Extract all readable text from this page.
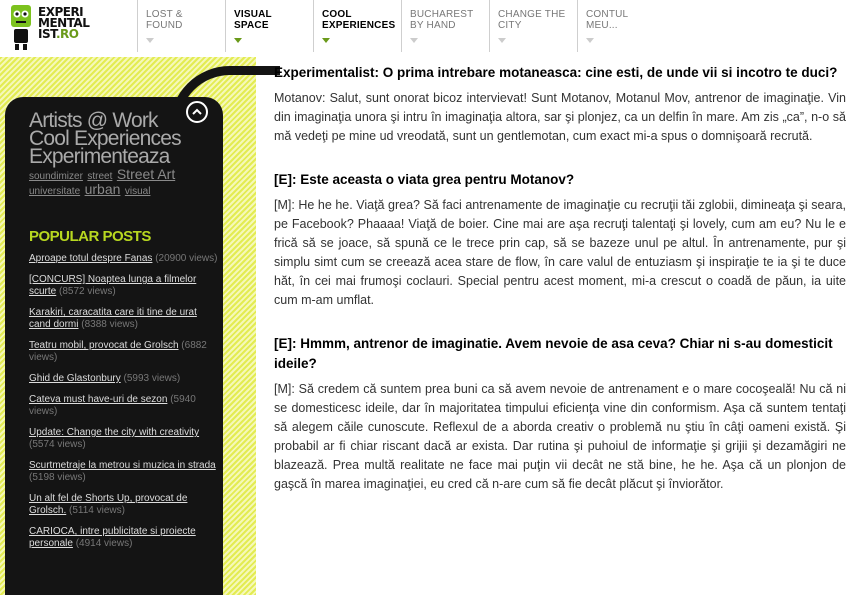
EXPERI
MENTAL
IST.RO
LOST &
FOUND
VISUAL
SPACE
COOL
EXPERIENCES
BUCHAREST
BY HAND
CHANGE THE
CITY
CONTUL
MEU...
Artists @ Work
Cool Experiences
Experimenteaza
soundimizer street Street Art
universitate urban visual
POPULAR POSTS
Aproape totul despre Fanas (20900 views)
[CONCURS] Noaptea lunga a filmelor scurte (8572 views)
Karakiri, caracatita care iti tine de urat cand dormi (8388 views)
Teatru mobil, provocat de Grolsch (6882 views)
Ghid de Glastonbury (5993 views)
Cateva must have-uri de sezon (5940 views)
Update: Change the city with creativity (5574 views)
Scurtmetraje la metrou si muzica in strada (5198 views)
Un alt fel de Shorts Up, provocat de Grolsch. (5114 views)
CARIOCA, intre publicitate si proiecte personale (4914 views)
Experimentalist: O prima intrebare motaneasca: cine esti, de unde vii si incotro te duci?

Motanov: Salut, sunt onorat bicoz intervievat! Sunt Motanov, Motanul Mov, antrenor de imaginaţie. Vin din imaginaţia unora şi intru în imaginaţia altora, sar şi plonjez, ca un delfin în mare. Am zis „ca”, n-o să mă vedeţi pe mine ud vreodată, sunt un gentlemotan, cum exact mi-a spus o domnişoară recrută.

[E]: Este aceasta o viata grea pentru Motanov?

[M]: He he he. Viaţă grea? Să faci antrenamente de imaginaţie cu recruţii tăi zglobii, dimineaţa şi seara, pe Facebook? Phaaaa! Viaţă de boier. Cine mai are aşa recruţi talentaţi şi lovely, cum am eu? Nu le e frică să se joace, să spună ce le trece prin cap, să se bazeze unul pe altul. În antrenamente, pur şi simplu simt cum se creează acea stare de flow, în care valul de entuziasm şi inspiraţie te ia şi te duce hăt, în cei mai frumoşi coclauri. Special pentru acest moment, mi-a crescut o coadă de păun, ia uite cum m-am umflat.

[E]: Hmmm, antrenor de imaginatie. Avem nevoie de asa ceva? Chiar ni s-au domesticit ideile?

[M]: Să credem că suntem prea buni ca să avem nevoie de antrenament e o mare cocoşeală! Nu că ni se domesticesc ideile, dar în majoritatea timpului eficienţa vine din conformism. Aşa că suntem tentaţi să alegem căile cunoscute. Reflexul de a aborda creativ o problemă nu ştiu în câţi oameni există. Şi probabil ar fi chiar riscant dacă ar exista. Dar rutina şi puhoiul de informaţie şi grijii şi dezamăgiri ne blazează. Prea multă realitate ne face mai puţin vii decât ne stă bine, he he. Aşa că un plonjon de gaşcă în marea imaginaţiei, eu cred că n-are cum să fie decât plăcut şi înviorător.
